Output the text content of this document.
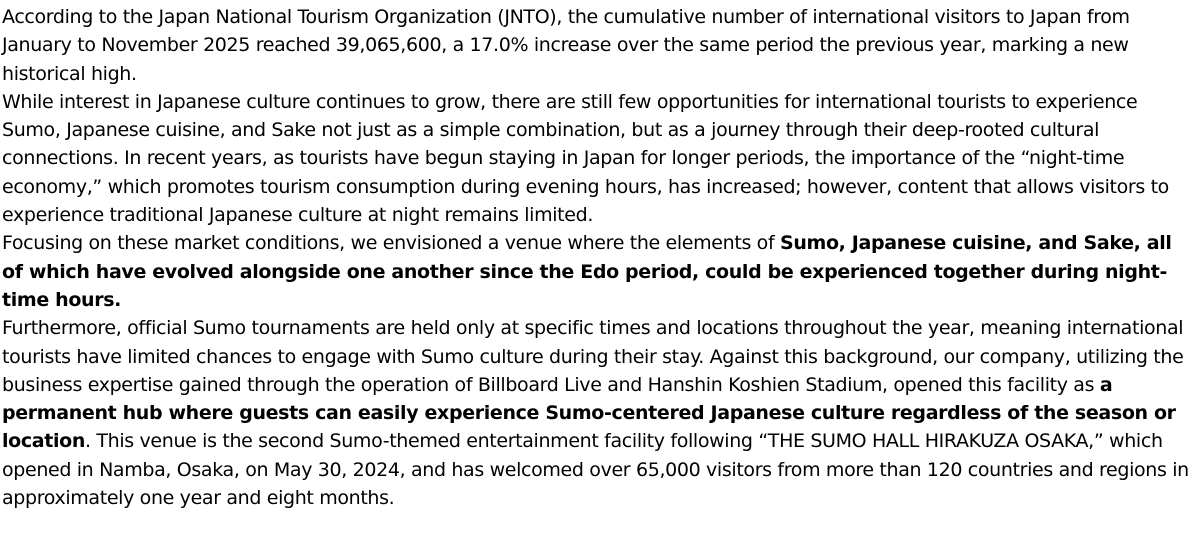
According to the Japan National Tourism Organization (JNTO), the cumulative number of international visitors to Japan from January to November 2025 reached 39,065,600, a 17.0% increase over the same period the previous year, marking a new historical high.

While interest in Japanese culture continues to grow, there are still few opportunities for international tourists to experience Sumo, Japanese cuisine, and Sake not just as a simple combination, but as a journey through their deep-rooted cultural connections. In recent years, as tourists have begun staying in Japan for longer periods, the importance of the “night-time economy,” which promotes tourism consumption during evening hours, has increased; however, content that allows visitors to experience traditional Japanese culture at night remains limited.

Focusing on these market conditions, we envisioned a venue where the elements of Sumo, Japanese cuisine, and Sake, all of which have evolved alongside one another since the Edo period, could be experienced together during night-time hours.

Furthermore, official Sumo tournaments are held only at specific times and locations throughout the year, meaning international tourists have limited chances to engage with Sumo culture during their stay. Against this background, our company, utilizing the business expertise gained through the operation of Billboard Live and Hanshin Koshien Stadium, opened this facility as a permanent hub where guests can easily experience Sumo-centered Japanese culture regardless of the season or location. This venue is the second Sumo-themed entertainment facility following “THE SUMO HALL HIRAKUZA OSAKA,” which opened in Namba, Osaka, on May 30, 2024, and has welcomed over 65,000 visitors from more than 120 countries and regions in approximately one year and eight months.
